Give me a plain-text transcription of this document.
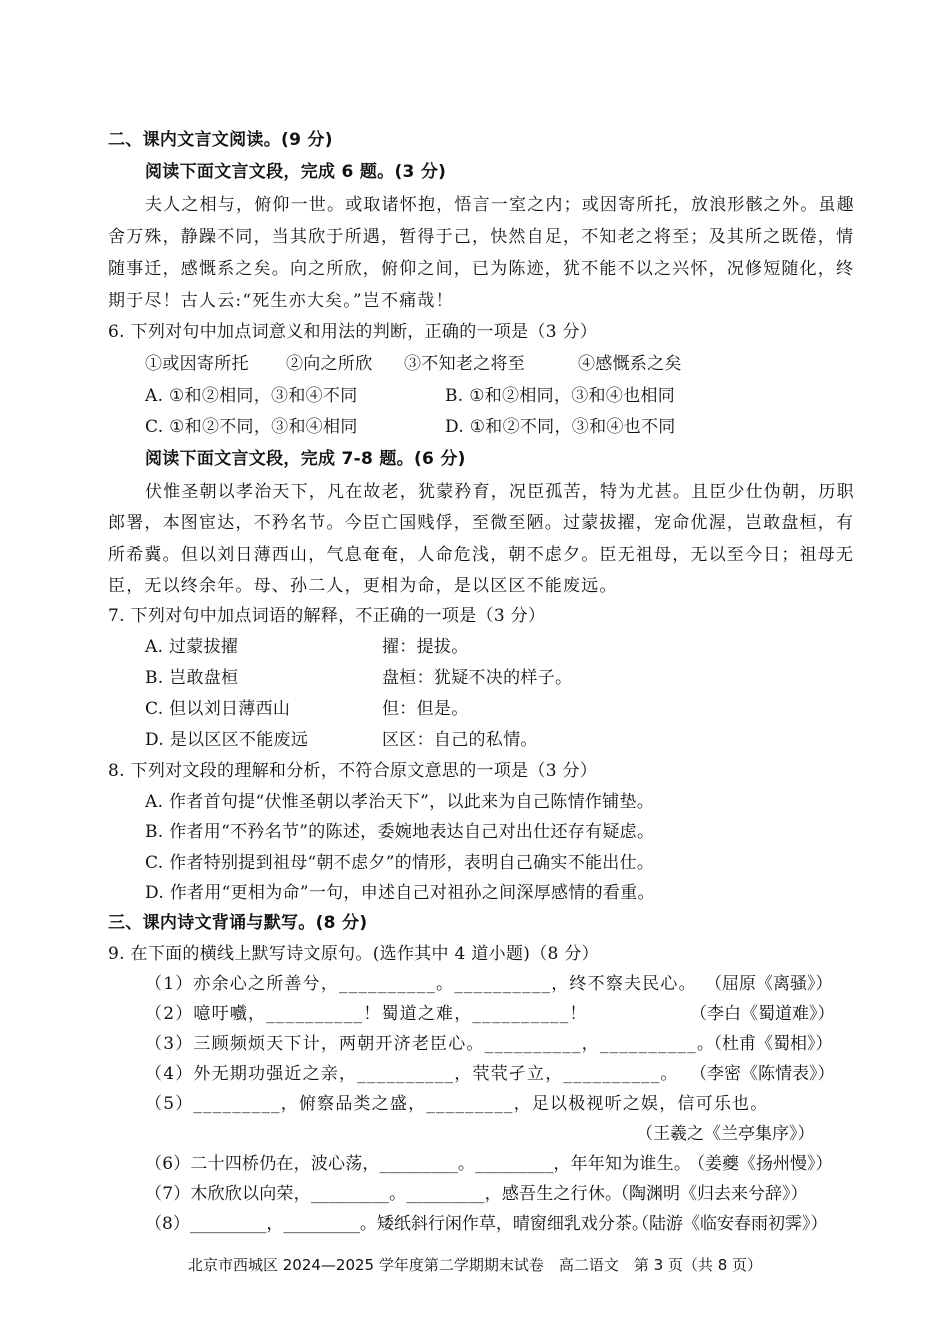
二、课内文言文阅读。(9 分)
阅读下面文言文段，完成 6 题。(3 分)
夫人之相与，俯仰一世。或取诸怀抱，悟言一室之内；或因寄所托，放浪形骸之外。虽趣
舍万殊，静躁不同，当其欣于所遇，暂得于己，快然自足，不知老之将至；及其所之既倦，情
随事迁，感慨系之矣。向之所欣，俯仰之间，已为陈迹，犹不能不以之兴怀，况修短随化，终
期于尽！古人云:“死生亦大矣。”岂不痛哉！
6. 下列对句中加点词意义和用法的判断，正确的一项是（3 分）
①或因寄所托 ②向之所欣 ③不知老之将至	④感慨系之矣
A. ①和②相同，③和④不同	B. ①和②相同，③和④也相同
C. ①和②不同，③和④相同	D. ①和②不同，③和④也不同
阅读下面文言文段，完成 7-8 题。(6 分)
伏惟圣朝以孝治天下，凡在故老，犹蒙矜育，况臣孤苦，特为尤甚。且臣少仕伪朝，历职
郎署，本图宦达，不矜名节。今臣亡国贱俘，至微至陋。过蒙拔擢，宠命优渥，岂敢盘桓，有
所希冀。但以刘日薄西山，气息奄奄，人命危浅，朝不虑夕。臣无祖母，无以至今日；祖母无
臣，无以终余年。母、孙二人，更相为命，是以区区不能废远。
7. 下列对句中加点词语的解释，不正确的一项是（3 分）
A. 过蒙拔擢	擢：提拔。
B. 岂敢盘桓	盘桓：犹疑不决的样子。
C. 但以刘日薄西山	但：但是。
D. 是以区区不能废远	区区：自己的私情。
8. 下列对文段的理解和分析，不符合原文意思的一项是（3 分）
A. 作者首句提“伏惟圣朝以孝治天下”，以此来为自己陈情作铺垫。
B. 作者用“不矜名节”的陈述，委婉地表达自己对出仕还存有疑虑。
C. 作者特别提到祖母“朝不虑夕”的情形，表明自己确实不能出仕。
D. 作者用“更相为命”一句，申述自己对祖孙之间深厚感情的看重。
三、课内诗文背诵与默写。(8 分)
9. 在下面的横线上默写诗文原句。(选作其中 4 道小题)（8 分）
（1）亦余心之所善兮，__________。__________，终不察夫民心。 （屈原《离骚》）
（2）噫吁嚱，__________！蜀道之难，__________！	（李白《蜀道难》）
（3）三顾频烦天下计，两朝开济老臣心。__________，__________。
（杜甫《蜀相》）
（4）外无期功强近之亲，__________，茕茕孑立，__________。 （李密《陈情表》）
（5）_________，俯察品类之盛，_________，足以极视听之娱，信可乐也。
（王羲之《兰亭集序》）
（6）二十四桥仍在，波心荡，_________。_________，年年知为谁生。
（姜夔《扬州慢》）
（7）木欣欣以向荣，_________。_________，感吾生之行休。
（陶渊明《归去来兮辞》）
（8）_________，_________。矮纸斜行闲作草，晴窗细乳戏分茶。
（陆游《临安春雨初霁》）
北京市西城区 2024—2025 学年度第二学期期末试卷　高二语文　第 3 页（共 8 页）
